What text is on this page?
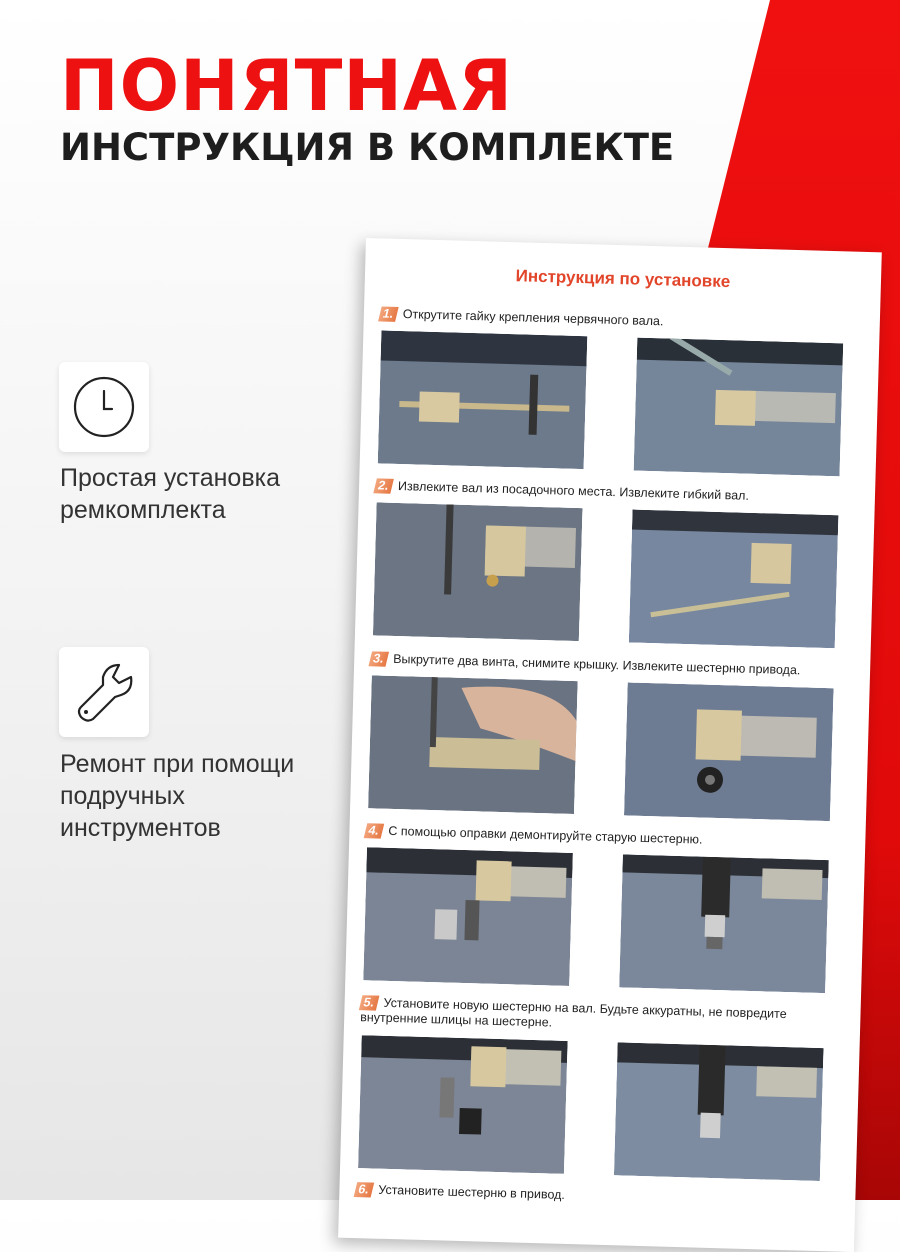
ПОНЯТНАЯ
ИНСТРУКЦИЯ В КОМПЛЕКТЕ

Простая установка ремкомплекта

Ремонт при помощи подручных инструментов

Инструкция по установке

1. Открутите гайку крепления червячного вала.
2. Извлеките вал из посадочного места. Извлеките гибкий вал.
3. Выкрутите два винта, снимите крышку. Извлеките шестерню привода.
4. С помощью оправки демонтируйте старую шестерню.
5. Установите новую шестерню на вал. Будьте аккуратны, не повредите внутренние шлицы на шестерне.
6. Установите шестерню в привод.
